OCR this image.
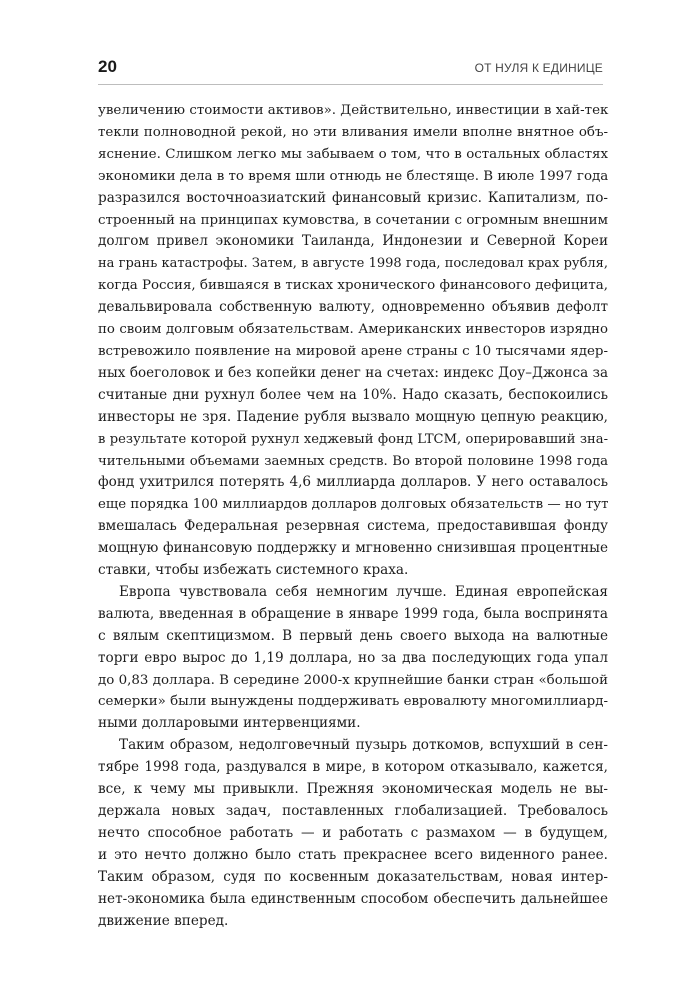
20	ОТ НУЛЯ К ЕДИНИЦЕ

увеличению стоимости активов». Действительно, инвестиции в хай-тек
текли полноводной рекой, но эти вливания имели вполне внятное объ-
яснение. Слишком легко мы забываем о том, что в остальных областях
экономики дела в то время шли отнюдь не блестяще. В июле 1997 года
разразился восточноазиатский финансовый кризис. Капитализм, по-
строенный на принципах кумовства, в сочетании с огромным внешним
долгом привел экономики Таиланда, Индонезии и Северной Кореи
на грань катастрофы. Затем, в августе 1998 года, последовал крах рубля,
когда Россия, бившаяся в тисках хронического финансового дефицита,
девальвировала собственную валюту, одновременно объявив дефолт
по своим долговым обязательствам. Американских инвесторов изрядно
встревожило появление на мировой арене страны с 10 тысячами ядер-
ных боеголовок и без копейки денег на счетах: индекс Доу–Джонса за
считаные дни рухнул более чем на 10%. Надо сказать, беспокоились
инвесторы не зря. Падение рубля вызвало мощную цепную реакцию,
в результате которой рухнул хеджевый фонд LTCM, оперировавший зна-
чительными объемами заемных средств. Во второй половине 1998 года
фонд ухитрился потерять 4,6 миллиарда долларов. У него оставалось
еще порядка 100 миллиардов долларов долговых обязательств — но тут
вмешалась Федеральная резервная система, предоставившая фонду
мощную финансовую поддержку и мгновенно снизившая процентные
ставки, чтобы избежать системного краха.

Европа чувствовала себя немногим лучше. Единая европейская
валюта, введенная в обращение в январе 1999 года, была воспринята
с вялым скептицизмом. В первый день своего выхода на валютные
торги евро вырос до 1,19 доллара, но за два последующих года упал
до 0,83 доллара. В середине 2000-х крупнейшие банки стран «большой
семерки» были вынуждены поддерживать евровалюту многомиллиард-
ными долларовыми интервенциями.

Таким образом, недолговечный пузырь доткомов, вспухший в сен-
тябре 1998 года, раздувался в мире, в котором отказывало, кажется,
все, к чему мы привыкли. Прежняя экономическая модель не вы-
держала новых задач, поставленных глобализацией. Требовалось
нечто способное работать — и работать с размахом — в будущем,
и это нечто должно было стать прекраснее всего виденного ранее.
Таким образом, судя по косвенным доказательствам, новая интер-
нет-экономика была единственным способом обеспечить дальнейшее
движение вперед.
